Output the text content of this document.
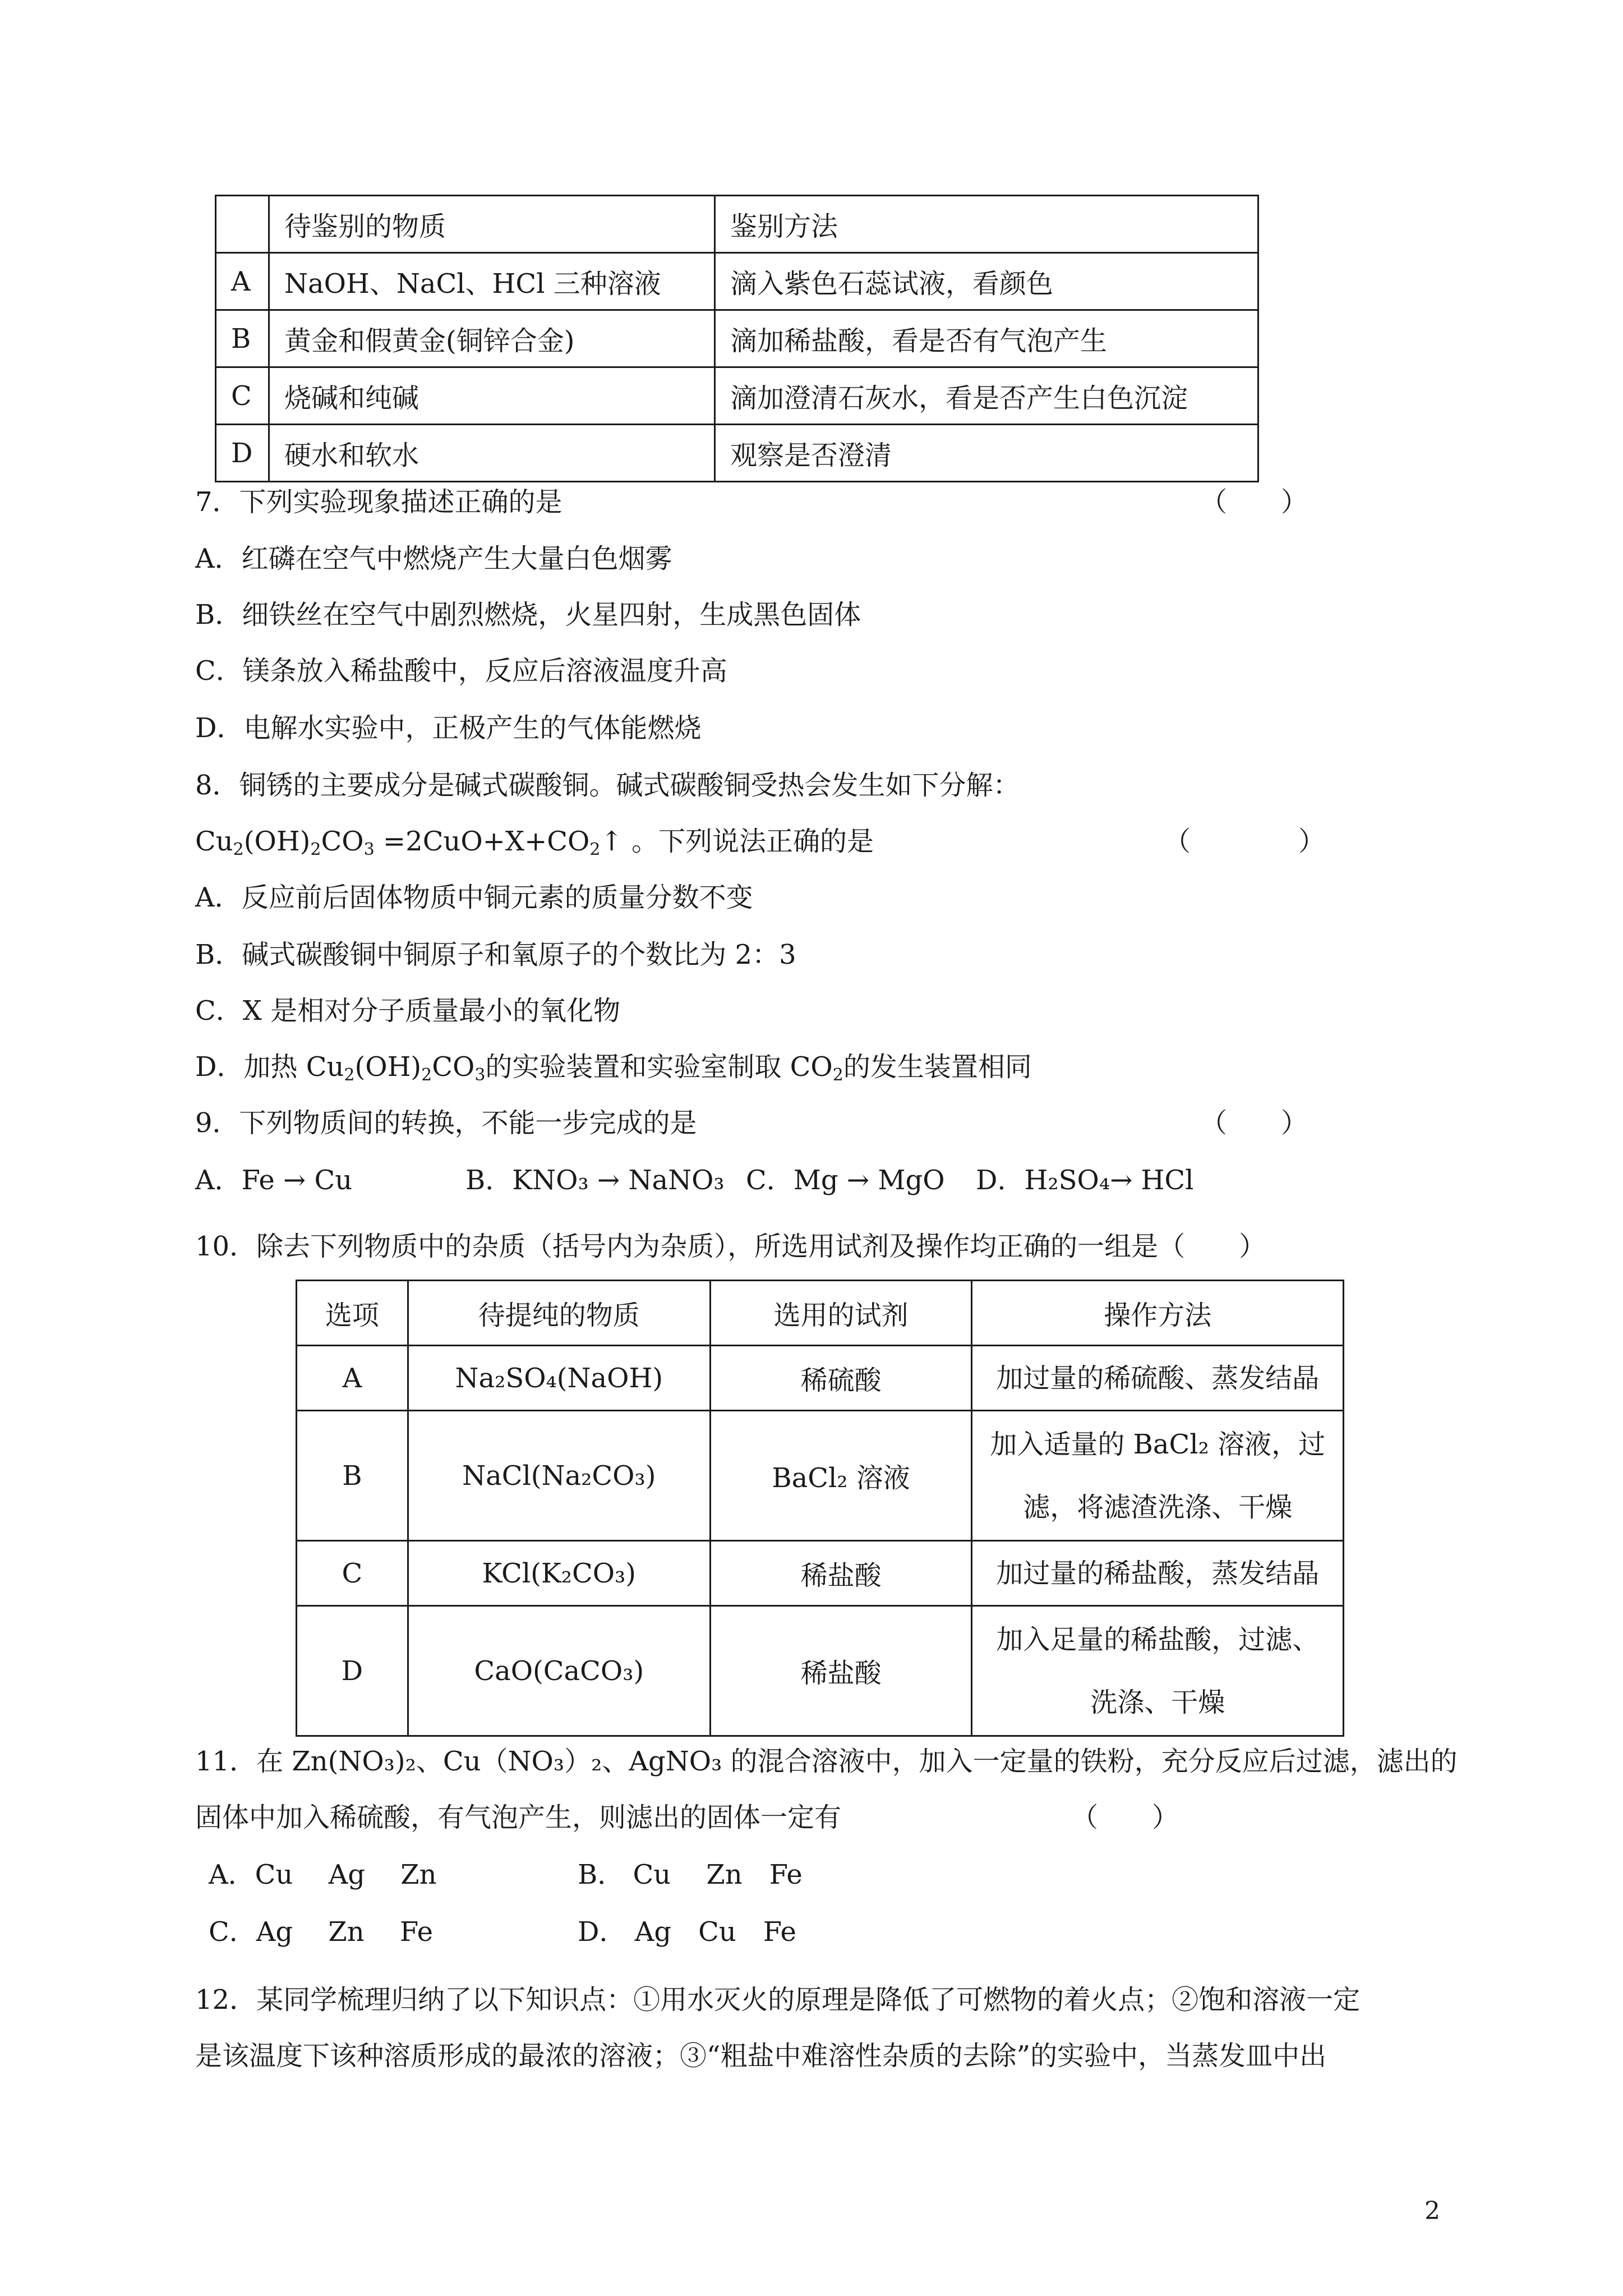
	待鉴别的物质	鉴别方法
A	NaOH、NaCl、HCl 三种溶液	滴入紫色石蕊试液，看颜色
B	黄金和假黄金(铜锌合金)	滴加稀盐酸，看是否有气泡产生
C	烧碱和纯碱	滴加澄清石灰水，看是否产生白色沉淀
D	硬水和软水	观察是否澄清
7．下列实验现象描述正确的是	（　　）
A．红磷在空气中燃烧产生大量白色烟雾
B．细铁丝在空气中剧烈燃烧，火星四射，生成黑色固体
C．镁条放入稀盐酸中，反应后溶液温度升高
D．电解水实验中，正极产生的气体能燃烧
8．铜锈的主要成分是碱式碳酸铜。碱式碳酸铜受热会发生如下分解：
$Cu_2(OH)_2CO_3$ $=2CuO+X+CO_2↑$ 。下列说法正确的是	（　　　　）
A．反应前后固体物质中铜元素的质量分数不变
B．碱式碳酸铜中铜原子和氧原子的个数比为 2：3
C．X 是相对分子质量最小的氧化物
D．加热 $Cu_2(OH)_2CO_3$的实验装置和实验室制取 $CO_2$的发生装置相同
9．下列物质间的转换，不能一步完成的是	（　　）
A．Fe → Cu	B．KNO₃ → NaNO₃ C．Mg → MgO D．H₂SO₄→ HCl
10．除去下列物质中的杂质（括号内为杂质），所选用试剂及操作均正确的一组是（　　）
选项	待提纯的物质	选用的试剂	操作方法
A	Na₂SO₄(NaOH)	稀硫酸	加过量的稀硫酸、蒸发结晶
B	NaCl(Na₂CO₃)	BaCl₂ 溶液	加入适量的 BaCl₂ 溶液，过滤，将滤渣洗涤、干燥
C	KCl(K₂CO₃)	稀盐酸	加过量的稀盐酸，蒸发结晶
D	CaO(CaCO₃)	稀盐酸	加入足量的稀盐酸，过滤、洗涤、干燥
11．在 Zn(NO₃)₂、Cu（NO₃）₂、AgNO₃ 的混合溶液中，加入一定量的铁粉，充分反应后过滤，滤出的
固体中加入稀硫酸，有气泡产生，则滤出的固体一定有	（　　）
A．Cu　 Ag　 Zn	B． Cu　 Zn　Fe
C．Ag　 Zn　 Fe	D． Ag　Cu　Fe
12．某同学梳理归纳了以下知识点：①用水灭火的原理是降低了可燃物的着火点；②饱和溶液一定
是该温度下该种溶质形成的最浓的溶液；③“粗盐中难溶性杂质的去除”的实验中，当蒸发皿中出
2
